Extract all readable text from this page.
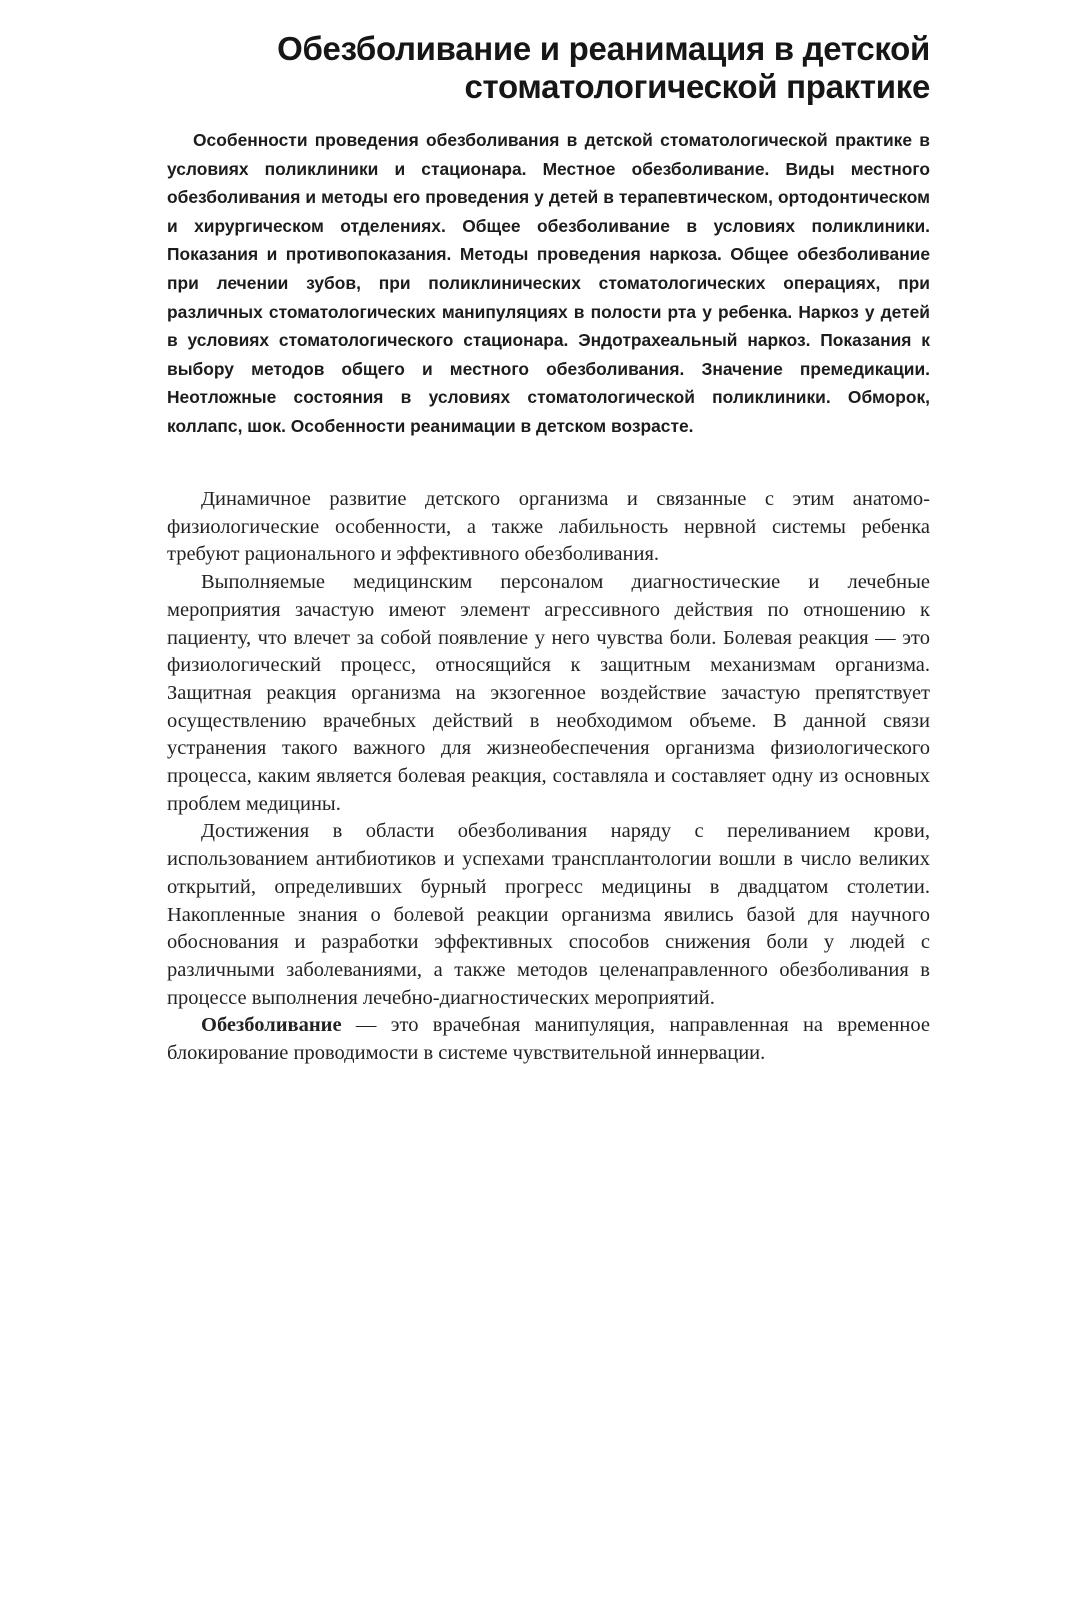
Обезболивание и реанимация в детской
стоматологической практике

Особенности проведения обезболивания в детской стоматологической практике в условиях поликлиники и стационара. Местное обезболивание. Виды местного обезболивания и методы его проведения у детей в терапевтическом, ортодонтическом и хирургическом отделениях. Общее обезболивание в условиях поликлиники. Показания и противопоказания. Методы проведения наркоза. Общее обезболивание при лечении зубов, при поликлинических стоматологических операциях, при различных стоматологических манипуляциях в полости рта у ребенка. Наркоз у детей в условиях стоматологического стационара. Эндотрахеальный наркоз. Показания к выбору методов общего и местного обезболивания. Значение премедикации. Неотложные состояния в условиях стоматологической поликлиники. Обморок, коллапс, шок. Особенности реанимации в детском возрасте.

Динамичное развитие детского организма и связанные с этим анатомо-физиологические особенности, а также лабильность нервной системы ребенка требуют рационального и эффективного обезболивания.

Выполняемые медицинским персоналом диагностические и лечебные мероприятия зачастую имеют элемент агрессивного действия по отношению к пациенту, что влечет за собой появление у него чувства боли. Болевая реакция — это физиологический процесс, относящийся к защитным механизмам организма. Защитная реакция организма на экзогенное воздействие зачастую препятствует осуществлению врачебных действий в необходимом объеме. В данной связи устранения такого важного для жизнеобеспечения организма физиологического процесса, каким является болевая реакция, составляла и составляет одну из основных проблем медицины.

Достижения в области обезболивания наряду с переливанием крови, использованием антибиотиков и успехами трансплантологии вошли в число великих открытий, определивших бурный прогресс медицины в двадцатом столетии. Накопленные знания о болевой реакции организма явились базой для научного обоснования и разработки эффективных способов снижения боли у людей с различными заболеваниями, а также методов целенаправленного обезболивания в процессе выполнения лечебно-диагностических мероприятий.

Обезболивание — это врачебная манипуляция, направленная на временное блокирование проводимости в системе чувствительной иннервации.
